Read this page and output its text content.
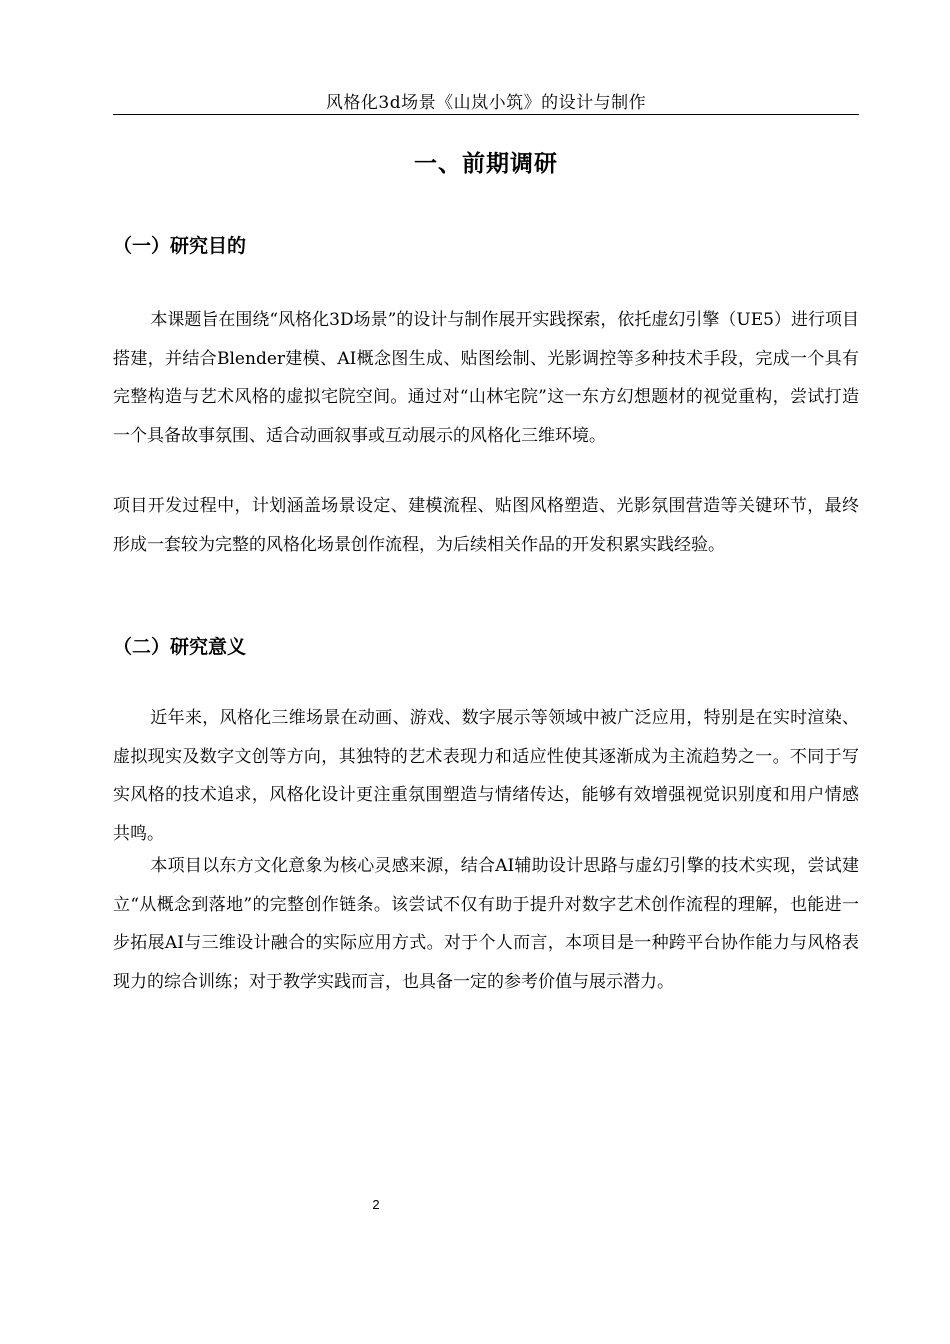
风格化3d场景《山岚小筑》的设计与制作
一、前期调研
（一）研究目的

本课题旨在围绕“风格化3D场景”的设计与制作展开实践探索，依托虚幻引擎（UE5）进行项目搭建，并结合Blender建模、AI概念图生成、贴图绘制、光影调控等多种技术手段，完成一个具有完整构造与艺术风格的虚拟宅院空间。通过对“山林宅院”这一东方幻想题材的视觉重构，尝试打造一个具备故事氛围、适合动画叙事或互动展示的风格化三维环境。

项目开发过程中，计划涵盖场景设定、建模流程、贴图风格塑造、光影氛围营造等关键环节，最终形成一套较为完整的风格化场景创作流程，为后续相关作品的开发积累实践经验。

（二）研究意义

近年来，风格化三维场景在动画、游戏、数字展示等领域中被广泛应用，特别是在实时渲染、虚拟现实及数字文创等方向，其独特的艺术表现力和适应性使其逐渐成为主流趋势之一。不同于写实风格的技术追求，风格化设计更注重氛围塑造与情绪传达，能够有效增强视觉识别度和用户情感共鸣。

本项目以东方文化意象为核心灵感来源，结合AI辅助设计思路与虚幻引擎的技术实现，尝试建立“从概念到落地”的完整创作链条。该尝试不仅有助于提升对数字艺术创作流程的理解，也能进一步拓展AI与三维设计融合的实际应用方式。对于个人而言，本项目是一种跨平台协作能力与风格表现力的综合训练；对于教学实践而言，也具备一定的参考价值与展示潜力。

2
